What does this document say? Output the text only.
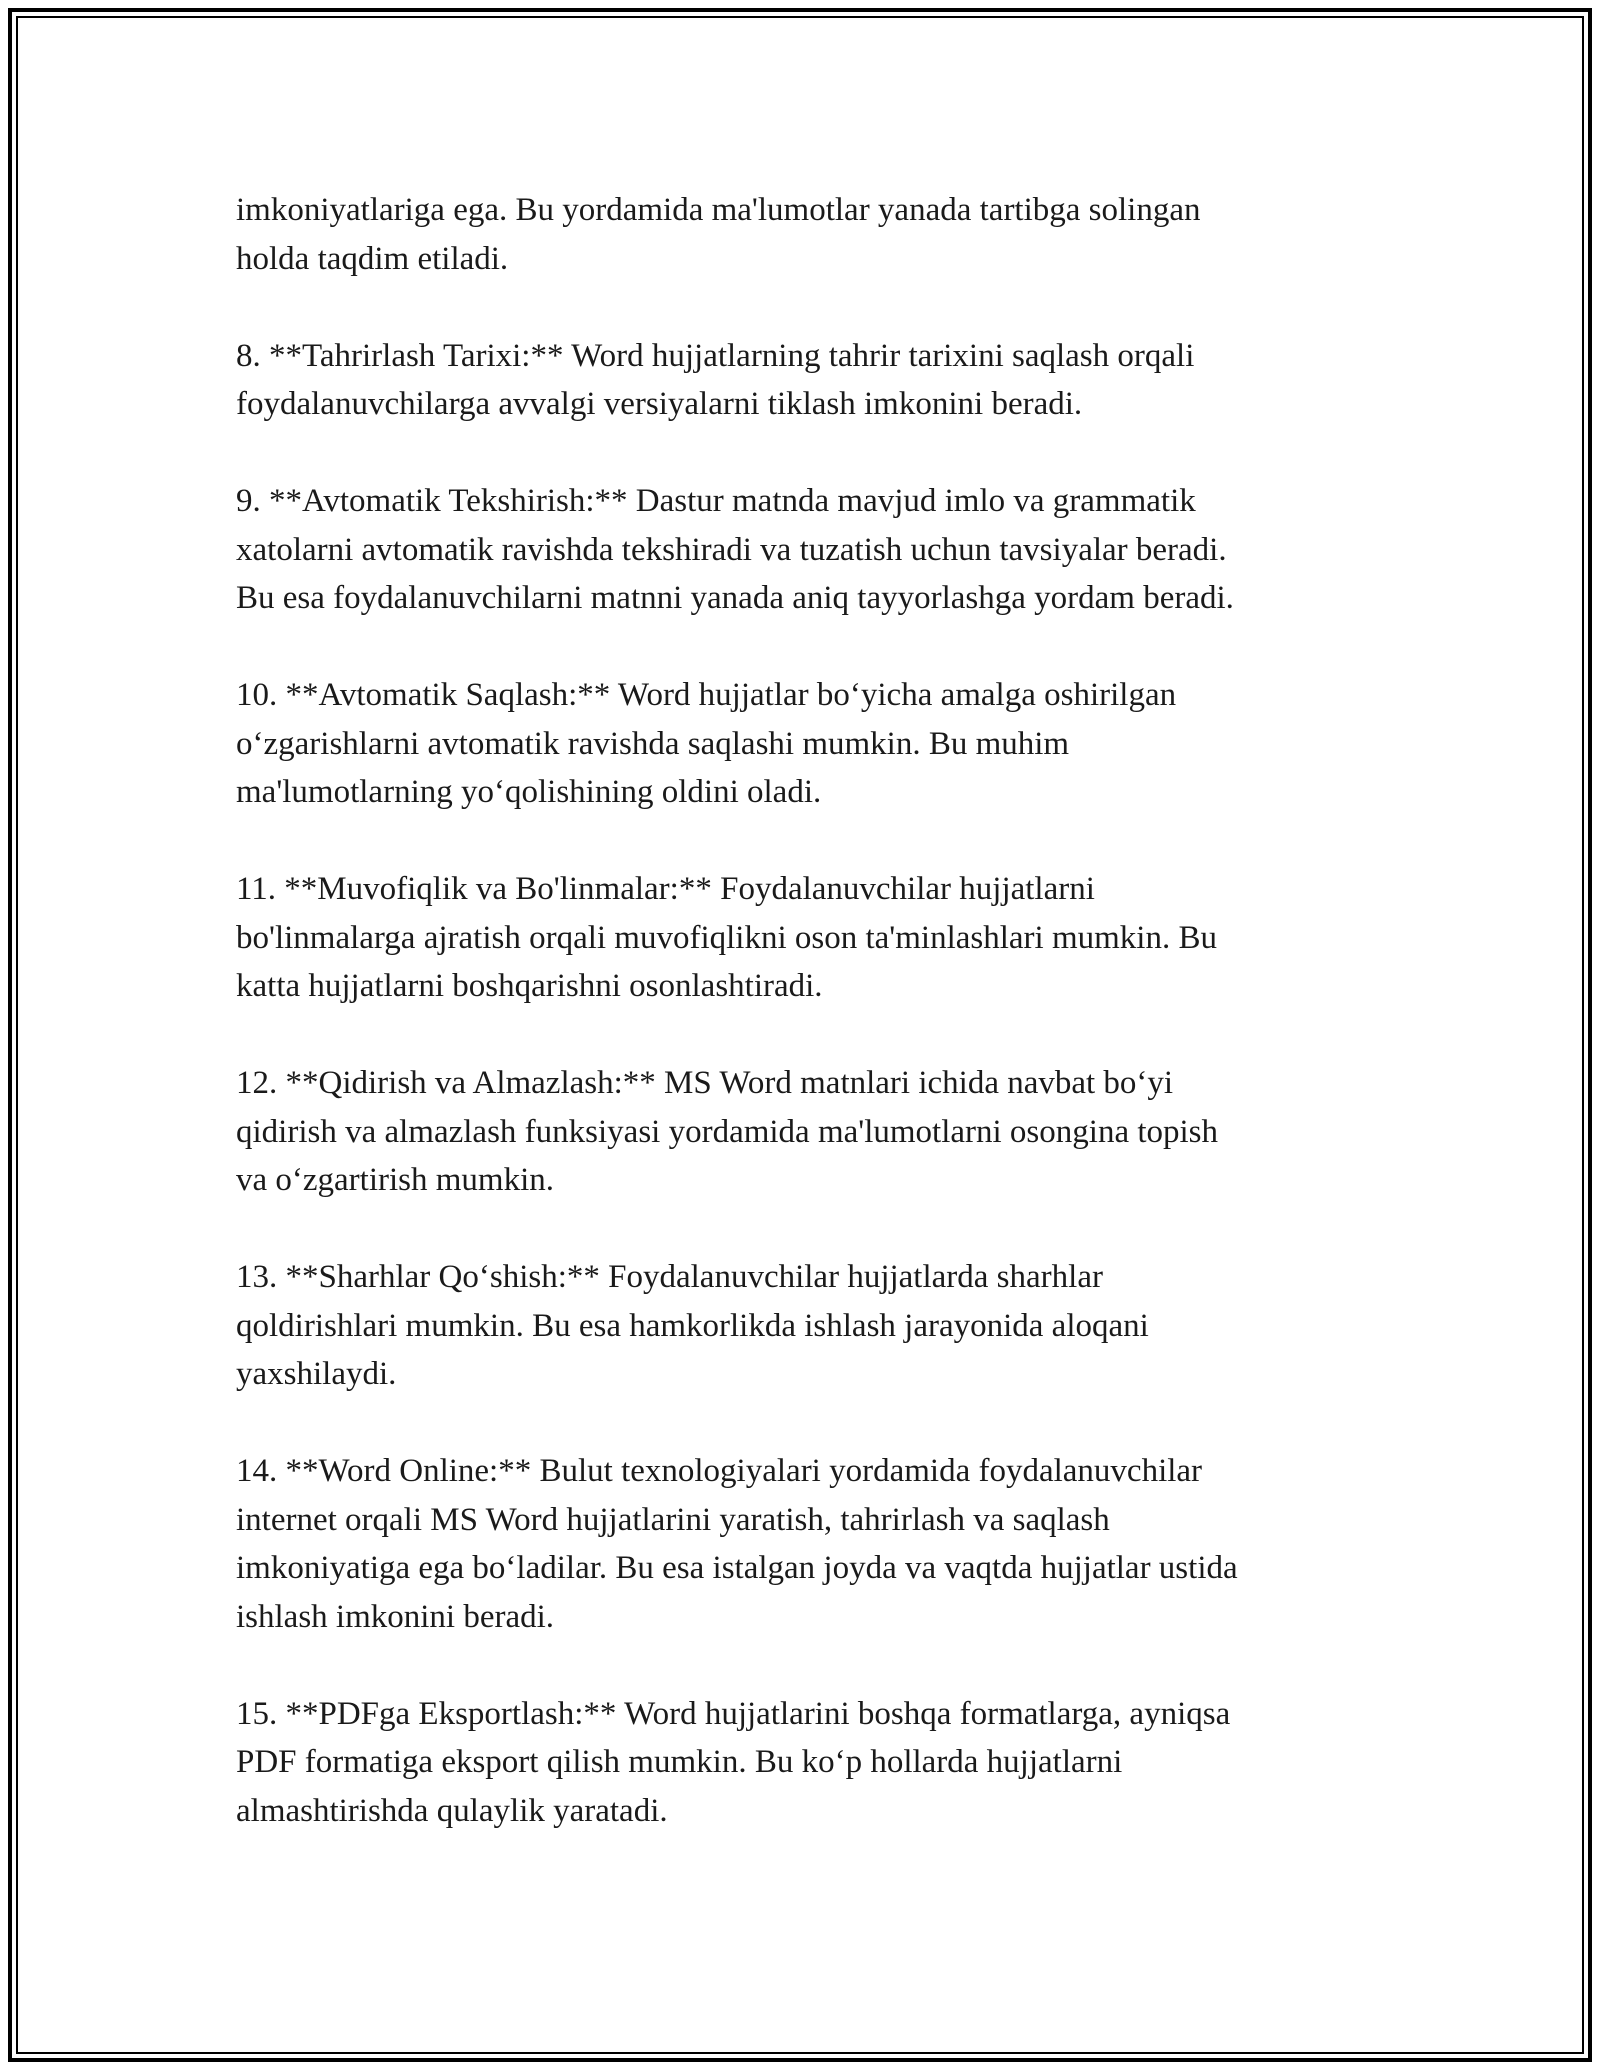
imkoniyatlariga ega. Bu yordamida ma'lumotlar yanada tartibga solingan
holda taqdim etiladi.

8. **Tahrirlash Tarixi:** Word hujjatlarning tahrir tarixini saqlash orqali
foydalanuvchilarga avvalgi versiyalarni tiklash imkonini beradi.

9. **Avtomatik Tekshirish:** Dastur matnda mavjud imlo va grammatik
xatolarni avtomatik ravishda tekshiradi va tuzatish uchun tavsiyalar beradi.
Bu esa foydalanuvchilarni matnni yanada aniq tayyorlashga yordam beradi.

10. **Avtomatik Saqlash:** Word hujjatlar bo‘yicha amalga oshirilgan
o‘zgarishlarni avtomatik ravishda saqlashi mumkin. Bu muhim
ma'lumotlarning yo‘qolishining oldini oladi.

11. **Muvofiqlik va Bo'linmalar:** Foydalanuvchilar hujjatlarni
bo'linmalarga ajratish orqali muvofiqlikni oson ta'minlashlari mumkin. Bu
katta hujjatlarni boshqarishni osonlashtiradi.

12. **Qidirish va Almazlash:** MS Word matnlari ichida navbat bo‘yi
qidirish va almazlash funksiyasi yordamida ma'lumotlarni osongina topish
va o‘zgartirish mumkin.

13. **Sharhlar Qo‘shish:** Foydalanuvchilar hujjatlarda sharhlar
qoldirishlari mumkin. Bu esa hamkorlikda ishlash jarayonida aloqani
yaxshilaydi.

14. **Word Online:** Bulut texnologiyalari yordamida foydalanuvchilar
internet orqali MS Word hujjatlarini yaratish, tahrirlash va saqlash
imkoniyatiga ega bo‘ladilar. Bu esa istalgan joyda va vaqtda hujjatlar ustida
ishlash imkonini beradi.

15. **PDFga Eksportlash:** Word hujjatlarini boshqa formatlarga, ayniqsa
PDF formatiga eksport qilish mumkin. Bu ko‘p hollarda hujjatlarni
almashtirishda qulaylik yaratadi.
